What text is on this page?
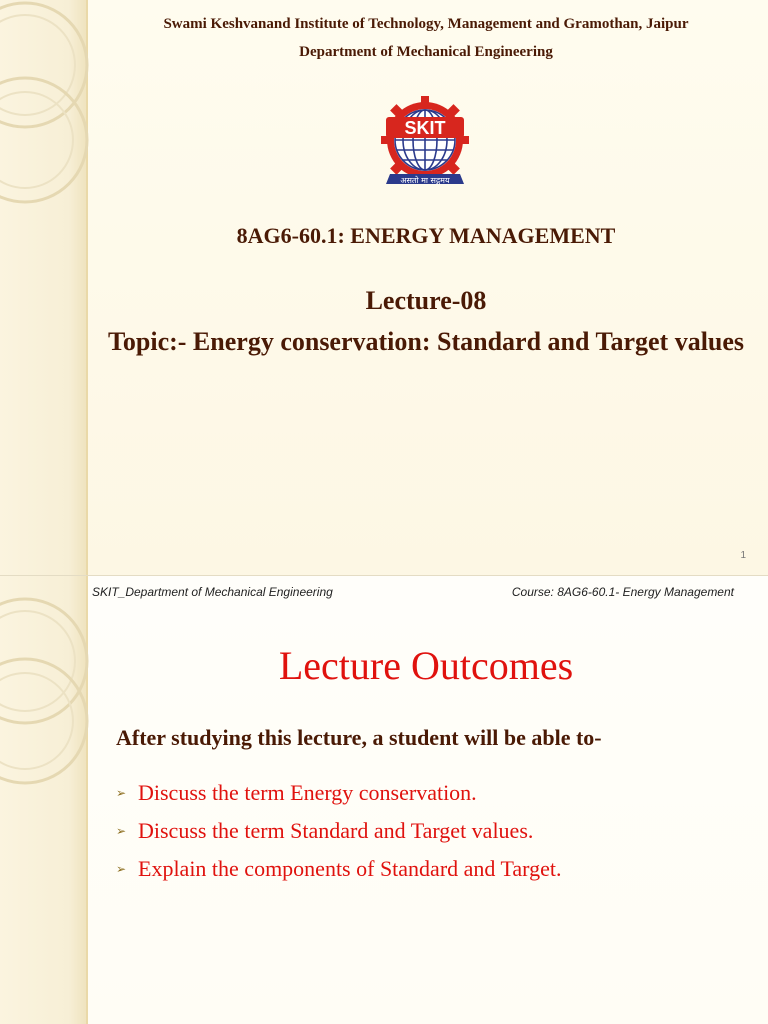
Swami Keshvanand Institute of Technology, Management and Gramothan, Jaipur
Department of Mechanical Engineering
SKIT
असतो मा सद्गमय
8AG6-60.1: ENERGY MANAGEMENT
Lecture-08
Topic:- Energy conservation: Standard and Target values
1
SKIT_Department of Mechanical Engineering	Course: 8AG6-60.1- Energy Management
Lecture Outcomes
After studying this lecture, a student will be able to-
➢ Discuss the term Energy conservation.
➢ Discuss the term Standard and Target values.
➢ Explain the components of Standard and Target.
